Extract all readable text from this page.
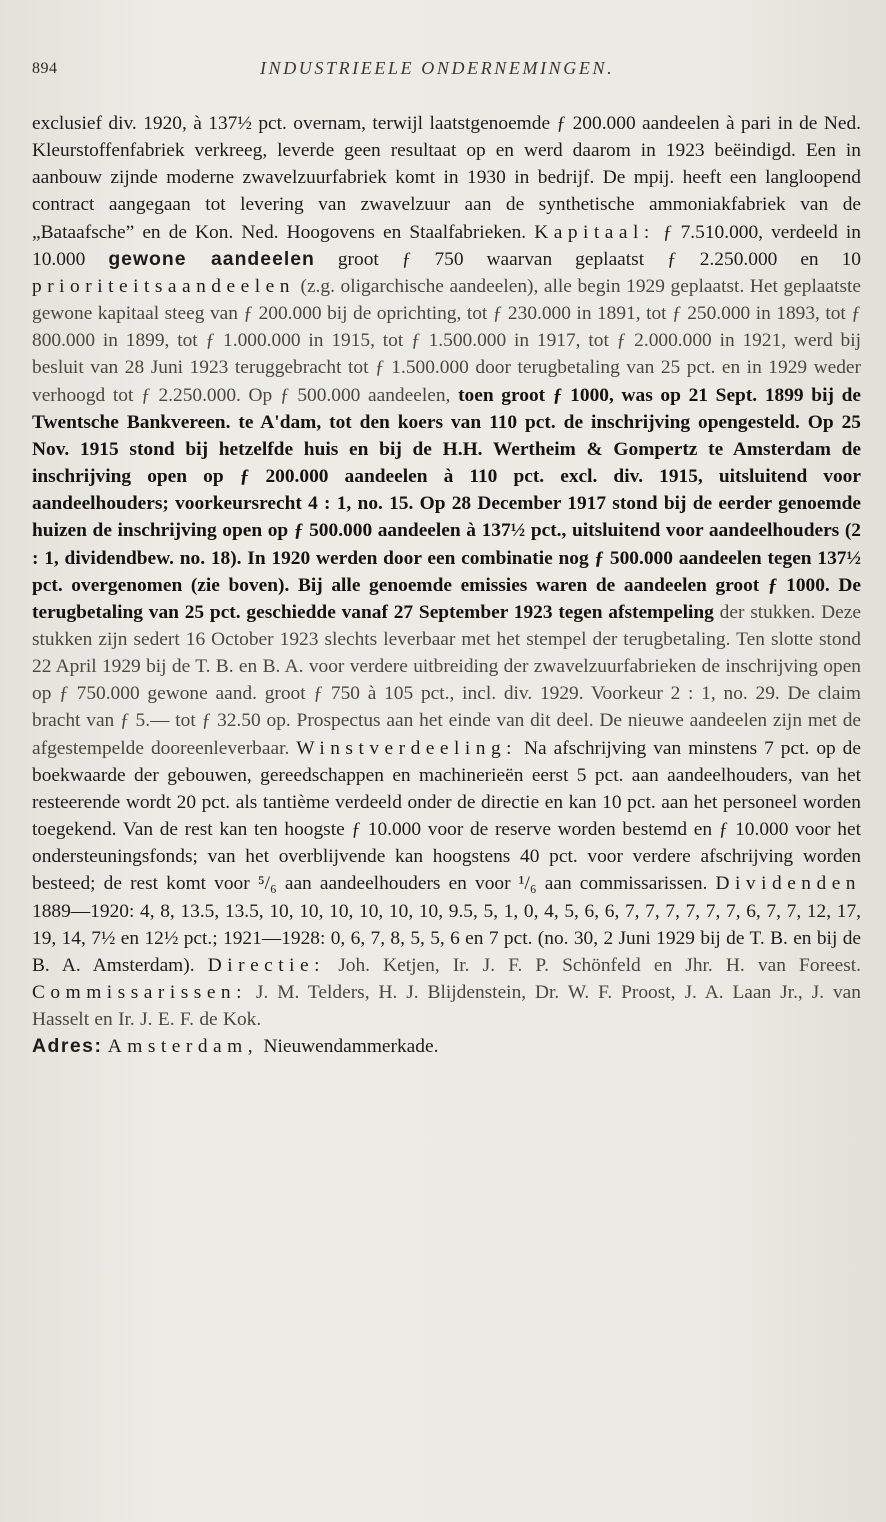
894	INDUSTRIEELE ONDERNEMINGEN.

exclusief div. 1920, à 137½ pct. overnam, terwijl laatstgenoemde ƒ 200.000 aandeelen à pari in de Ned. Kleurstoffenfabriek verkreeg, leverde geen resultaat op en werd daarom in 1923 beëindigd. Een in aanbouw zijnde moderne zwavelzuurfabriek komt in 1930 in bedrijf. De mpij. heeft een langloopend contract aangegaan tot levering van zwavelzuur aan de synthetische ammoniakfabriek van de „Bataafsche” en de Kon. Ned. Hoogovens en Staalfabrieken. Kapitaal: ƒ 7.510.000, verdeeld in 10.000 gewone aandeelen groot ƒ 750 waarvan geplaatst ƒ 2.250.000 en 10 prioriteitsaandeelen (z.g. oligarchische aandeelen), alle begin 1929 geplaatst. Het geplaatste gewone kapitaal steeg van ƒ 200.000 bij de oprichting, tot ƒ 230.000 in 1891, tot ƒ 250.000 in 1893, tot ƒ 800.000 in 1899, tot ƒ 1.000.000 in 1915, tot ƒ 1.500.000 in 1917, tot ƒ 2.000.000 in 1921, werd bij besluit van 28 Juni 1923 teruggebracht tot ƒ 1.500.000 door terugbetaling van 25 pct. en in 1929 weder verhoogd tot ƒ 2.250.000. Op ƒ 500.000 aandeelen, toen groot ƒ 1000, was op 21 Sept. 1899 bij de Twentsche Bankvereen. te A'dam, tot den koers van 110 pct. de inschrijving opengesteld. Op 25 Nov. 1915 stond bij hetzelfde huis en bij de H.H. Wertheim & Gompertz te Amsterdam de inschrijving open op ƒ 200.000 aandeelen à 110 pct. excl. div. 1915, uitsluitend voor aandeelhouders; voorkeursrecht 4 : 1, no. 15. Op 28 December 1917 stond bij de eerder genoemde huizen de inschrijving open op ƒ 500.000 aandeelen à 137½ pct., uitsluitend voor aandeelhouders (2 : 1, dividendbew. no. 18). In 1920 werden door een combinatie nog ƒ 500.000 aandeelen tegen 137½ pct. overgenomen (zie boven). Bij alle genoemde emissies waren de aandeelen groot ƒ 1000. De terugbetaling van 25 pct. geschiedde vanaf 27 September 1923 tegen afstempeling der stukken. Deze stukken zijn sedert 16 October 1923 slechts leverbaar met het stempel der terugbetaling. Ten slotte stond 22 April 1929 bij de T. B. en B. A. voor verdere uitbreiding der zwavelzuurfabrieken de inschrijving open op ƒ 750.000 gewone aand. groot ƒ 750 à 105 pct., incl. div. 1929. Voorkeur 2 : 1, no. 29. De claim bracht van ƒ 5.— tot ƒ 32.50 op. Prospectus aan het einde van dit deel. De nieuwe aandeelen zijn met de afgestempelde dooreenleverbaar. Winstverdeeling: Na afschrijving van minstens 7 pct. op de boekwaarde der gebouwen, gereedschappen en machinerieën eerst 5 pct. aan aandeelhouders, van het resteerende wordt 20 pct. als tantième verdeeld onder de directie en kan 10 pct. aan het personeel worden toegekend. Van de rest kan ten hoogste ƒ 10.000 voor de reserve worden bestemd en ƒ 10.000 voor het ondersteuningsfonds; van het overblijvende kan hoogstens 40 pct. voor verdere afschrijving worden besteed; de rest komt voor ⁵/₆ aan aandeelhouders en voor ¹/₆ aan commissarissen. Dividenden 1889—1920: 4, 8, 13.5, 13.5, 10, 10, 10, 10, 10, 10, 9.5, 5, 1, 0, 4, 5, 6, 6, 7, 7, 7, 7, 7, 7, 6, 7, 7, 12, 17, 19, 14, 7½ en 12½ pct.; 1921—1928: 0, 6, 7, 8, 5, 5, 6 en 7 pct. (no. 30, 2 Juni 1929 bij de T. B. en bij de B. A. Amsterdam). Directie: Joh. Ketjen, Ir. J. F. P. Schönfeld en Jhr. H. van Foreest. Commissarissen: J. M. Telders, H. J. Blijdenstein, Dr. W. F. Proost, J. A. Laan Jr., J. van Hasselt en Ir. J. E. F. de Kok.
Adres: Amsterdam, Nieuwendammerkade.
